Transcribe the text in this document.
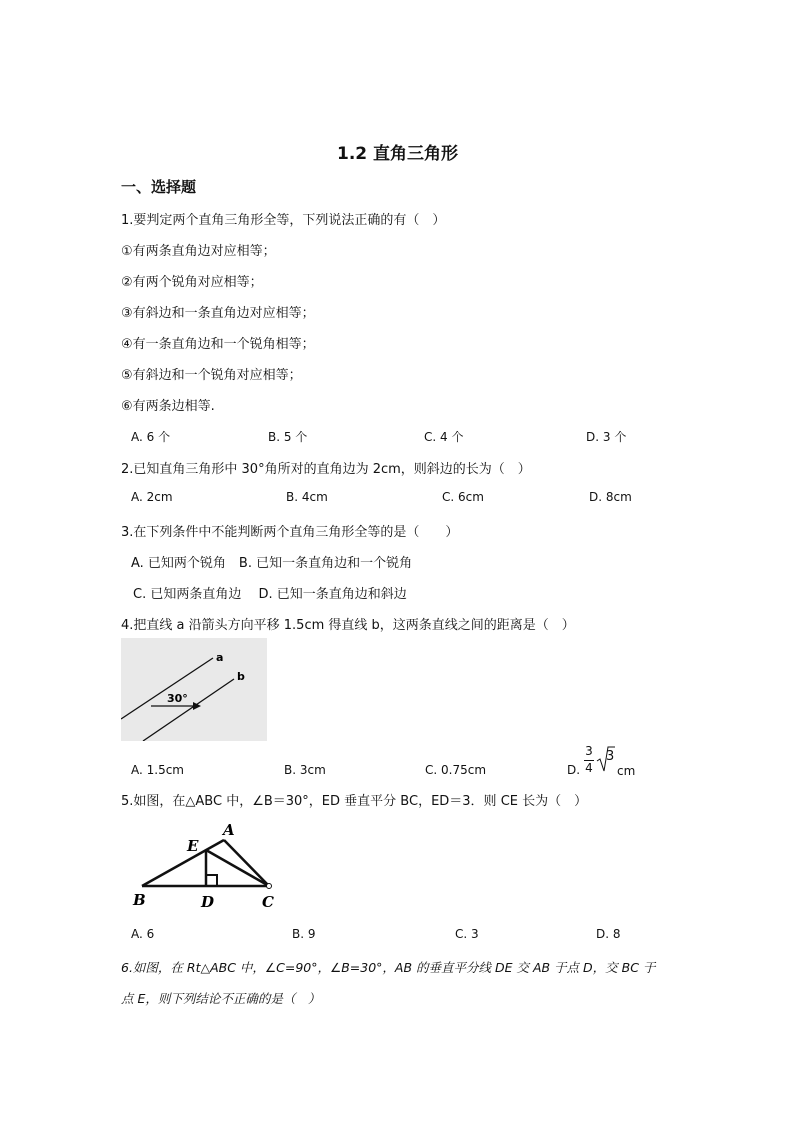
1.2 直角三角形
一、选择题
1.要判定两个直角三角形全等，下列说法正确的有（　）
①有两条直角边对应相等；
②有两个锐角对应相等；
③有斜边和一条直角边对应相等；
④有一条直角边和一个锐角相等；
⑤有斜边和一个锐角对应相等；
⑥有两条边相等.
A. 6 个	B. 5 个	C. 4 个	D. 3 个
2.已知直角三角形中 30°角所对的直角边为 2cm，则斜边的长为（　）
A. 2cm	B. 4cm	C. 6cm	D. 8cm
3.在下列条件中不能判断两个直角三角形全等的是（　　）
A. 已知两个锐角　B. 已知一条直角边和一个锐角
C. 已知两条直角边　 D. 已知一条直角边和斜边
4.把直线 a 沿箭头方向平移 1.5cm 得直线 b，这两条直线之间的距离是（　）
a
b
30°
A. 1.5cm	B. 3cm	C. 0.75cm	D.
3
4
3
cm
5.如图，在△ABC 中，∠B＝30°，ED 垂直平分 BC，ED＝3．则 CE 长为（　）
A
E
B	D	C
A. 6	B. 9	C. 3	D. 8
6.如图，在 Rt△ABC 中，∠C=90°，∠B=30°，AB 的垂直平分线 DE 交 AB 于点 D，交 BC 于
点 E，则下列结论不正确的是（　）
